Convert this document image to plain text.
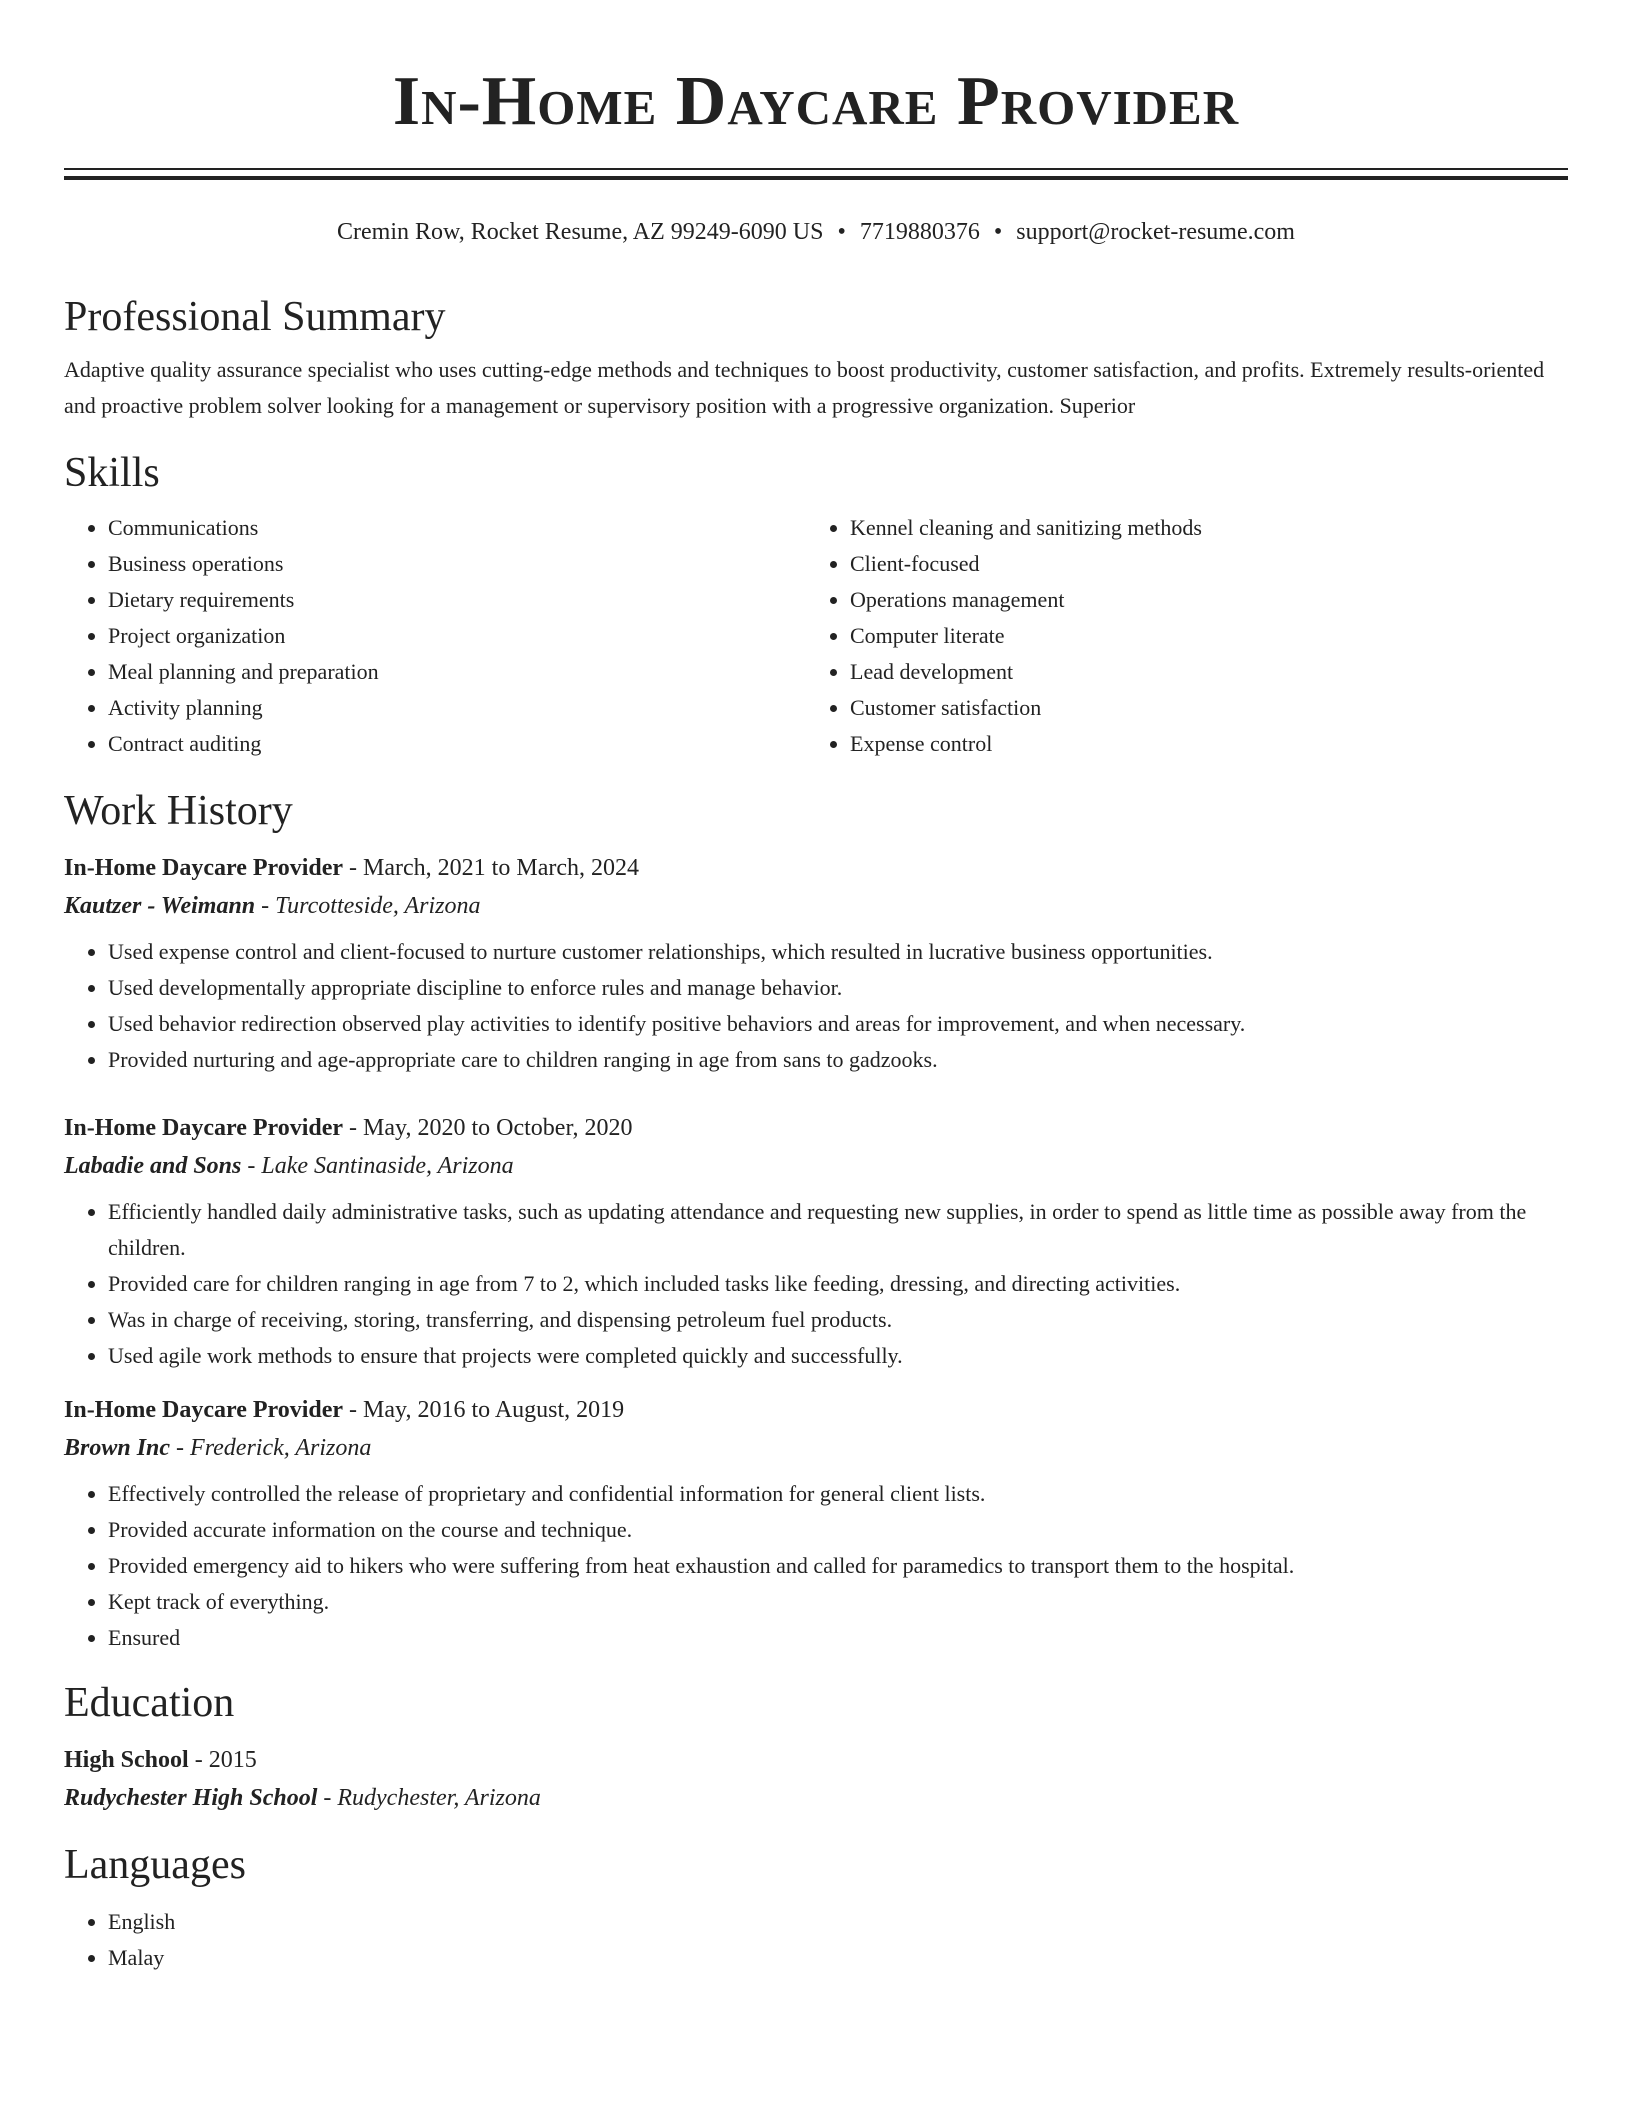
In-Home Daycare Provider
Cremin Row, Rocket Resume, AZ 99249-6090 US • 7719880376 • support@rocket-resume.com
Professional Summary

Adaptive quality assurance specialist who uses cutting-edge methods and techniques to boost productivity, customer satisfaction, and profits. Extremely results-oriented and proactive problem solver looking for a management or supervisory position with a progressive organization. Superior

Skills
• Communications
• Business operations
• Dietary requirements
• Project organization
• Meal planning and preparation
• Activity planning
• Contract auditing
• Kennel cleaning and sanitizing methods
• Client-focused
• Operations management
• Computer literate
• Lead development
• Customer satisfaction
• Expense control
Work History
In-Home Daycare Provider - March, 2021 to March, 2024
Kautzer - Weimann - Turcotteside, Arizona
• Used expense control and client-focused to nurture customer relationships, which resulted in lucrative business opportunities.
• Used developmentally appropriate discipline to enforce rules and manage behavior.
• Used behavior redirection observed play activities to identify positive behaviors and areas for improvement, and when necessary.
• Provided nurturing and age-appropriate care to children ranging in age from sans to gadzooks.
In-Home Daycare Provider - May, 2020 to October, 2020
Labadie and Sons - Lake Santinaside, Arizona
• Efficiently handled daily administrative tasks, such as updating attendance and requesting new supplies, in order to spend as little time as possible away from the children.
• Provided care for children ranging in age from 7 to 2, which included tasks like feeding, dressing, and directing activities.
• Was in charge of receiving, storing, transferring, and dispensing petroleum fuel products.
• Used agile work methods to ensure that projects were completed quickly and successfully.
In-Home Daycare Provider - May, 2016 to August, 2019
Brown Inc - Frederick, Arizona
• Effectively controlled the release of proprietary and confidential information for general client lists.
• Provided accurate information on the course and technique.
• Provided emergency aid to hikers who were suffering from heat exhaustion and called for paramedics to transport them to the hospital.
• Kept track of everything.
• Ensured
Education
High School - 2015
Rudychester High School - Rudychester, Arizona
Languages
• English
• Malay
